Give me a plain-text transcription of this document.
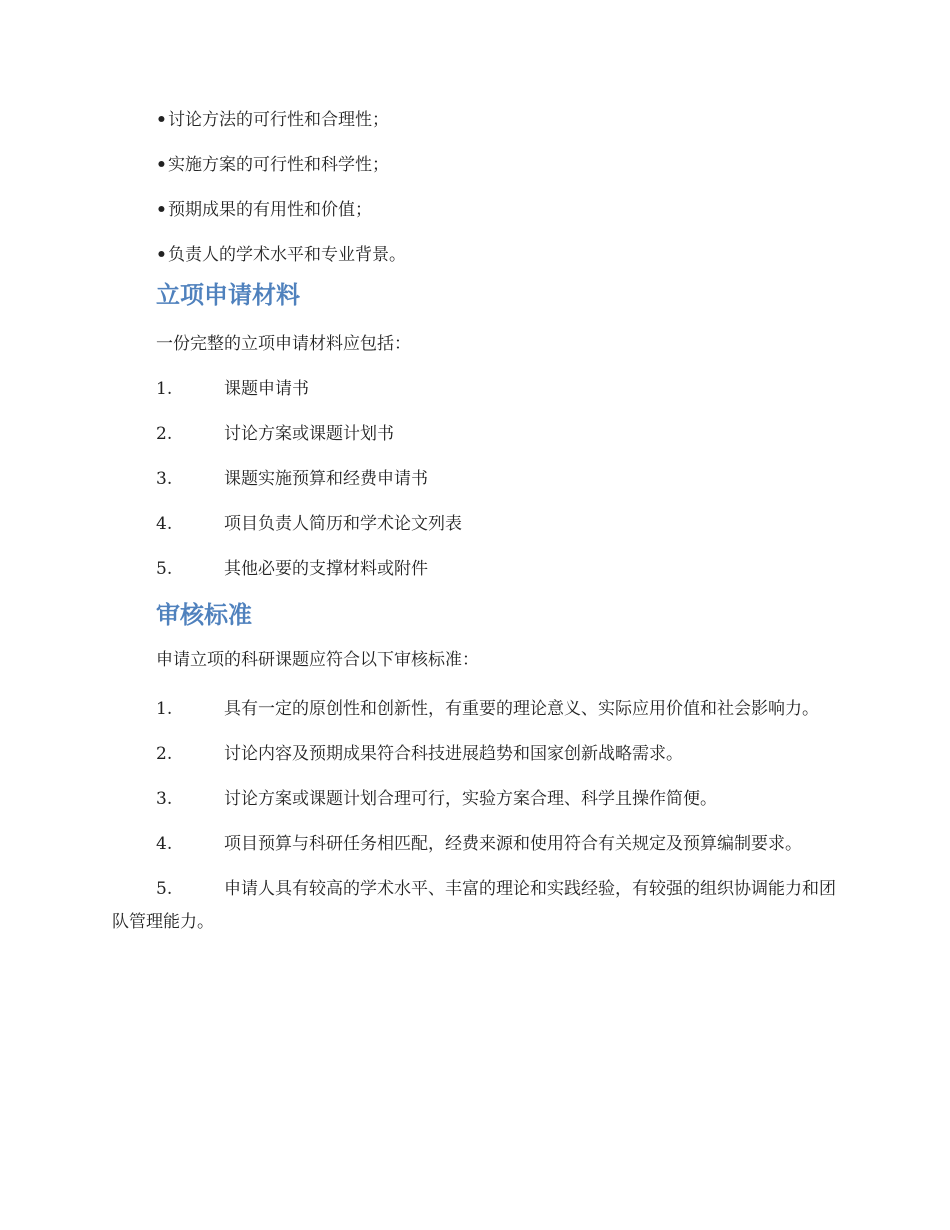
• 讨论方法的可行性和合理性；
• 实施方案的可行性和科学性；
• 预期成果的有用性和价值；
• 负责人的学术水平和专业背景。
立项申请材料
一份完整的立项申请材料应包括：
1.	课题申请书
2.	讨论方案或课题计划书
3.	课题实施预算和经费申请书
4.	项目负责人简历和学术论文列表
5.	其他必要的支撑材料或附件
审核标准
申请立项的科研课题应符合以下审核标准：

1.	具有一定的原创性和创新性，有重要的理论意义、实际应用价值和社会影响力。

2.	讨论内容及预期成果符合科技进展趋势和国家创新战略需求。

3.	讨论方案或课题计划合理可行，实验方案合理、科学且操作简便。

4.	项目预算与科研任务相匹配，经费来源和使用符合有关规定及预算编制要求。

5.	申请人具有较高的学术水平、丰富的理论和实践经验，有较强的组织协调能力和团队管理能力。
